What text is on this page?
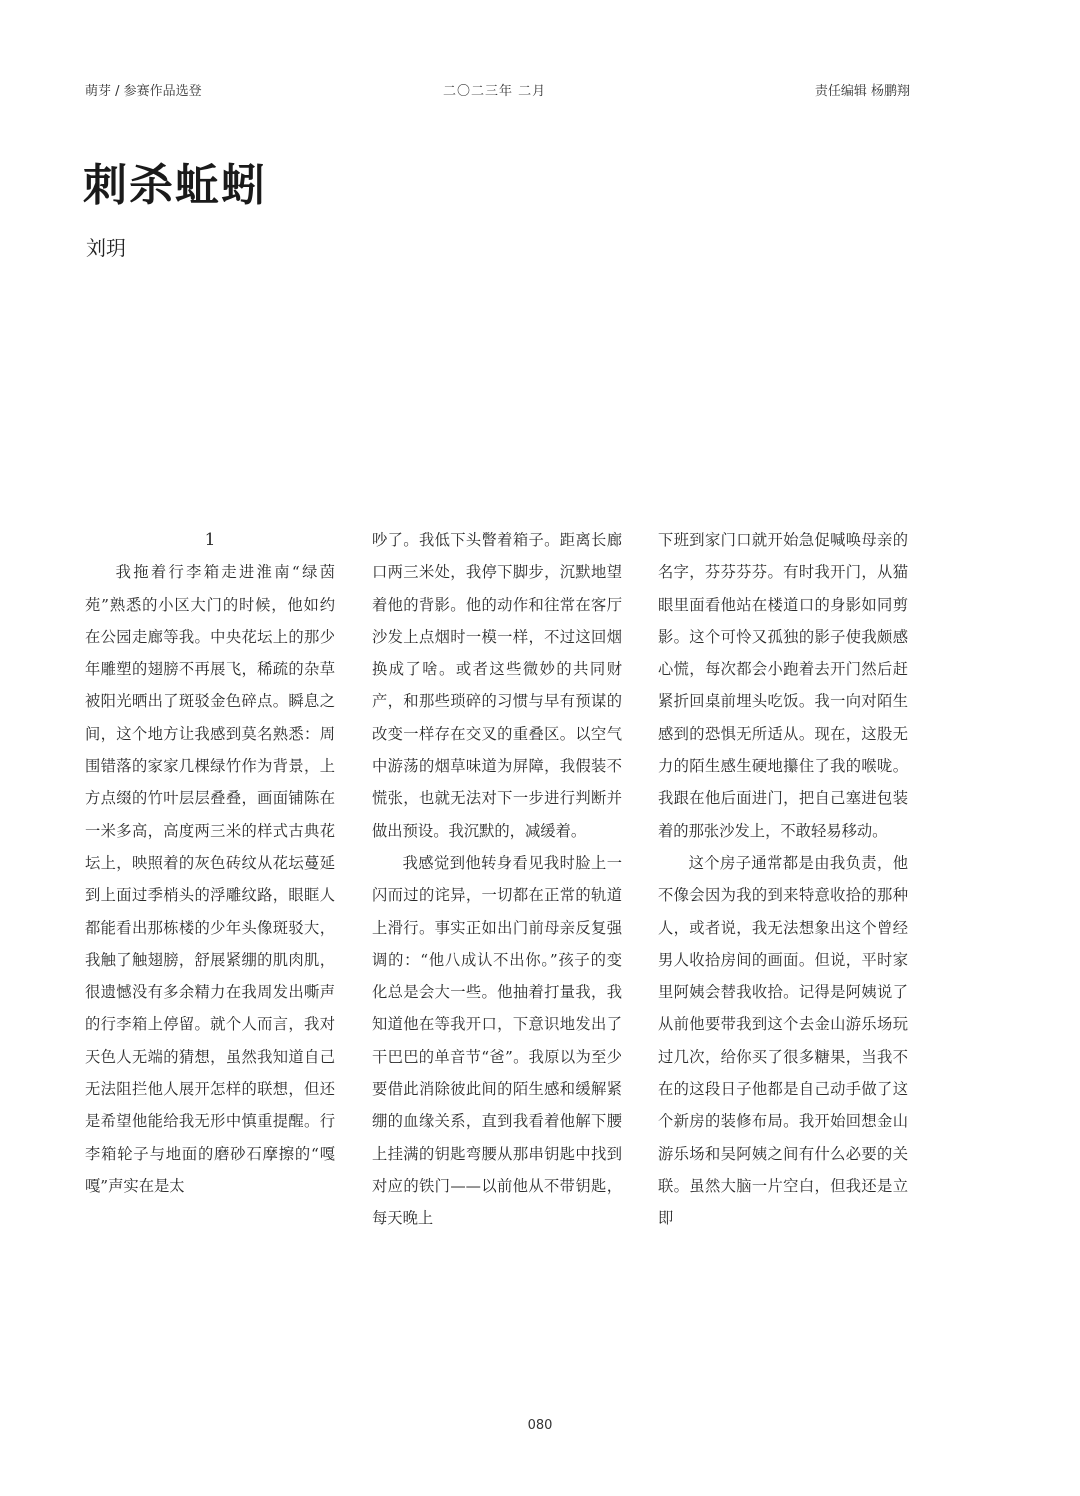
萌芽 / 参赛作品选登	二〇二三年 二月	责任编辑 杨鹏翔
刺杀蚯蚓
刘玥

1

我拖着行李箱走进淮南“绿茵苑”熟悉的小区大门的时候，他如约在公园走廊等我。中央花坛上的那少年雕塑的翅膀不再展飞，稀疏的杂草被阳光晒出了斑驳金色碎点。瞬息之间，这个地方让我感到莫名熟悉：周围错落的家家几棵绿竹作为背景，上方点缀的竹叶层层叠叠，画面铺陈在一米多高，高度两三米的样式古典花坛上，映照着的灰色砖纹从花坛蔓延到上面过季梢头的浮雕纹路，眼眶人都能看出那栋楼的少年头像斑驳大，我触了触翅膀，舒展紧绷的肌肉肌，很遗憾没有多余精力在我周发出嘶声的行李箱上停留。就个人而言，我对天色人无端的猜想，虽然我知道自己无法阻拦他人展开怎样的联想，但还是希望他能给我无形中慎重提醒。行李箱轮子与地面的磨砂石摩擦的“嘎嘎”声实在是太

吵了。我低下头瞥着箱子。距离长廊口两三米处，我停下脚步，沉默地望着他的背影。他的动作和往常在客厅沙发上点烟时一模一样，不过这回烟换成了啥。或者这些微妙的共同财产，和那些琐碎的习惯与早有预谋的改变一样存在交叉的重叠区。以空气中游荡的烟草味道为屏障，我假装不慌张，也就无法对下一步进行判断并做出预设。我沉默的，减缓着。

我感觉到他转身看见我时脸上一闪而过的诧异，一切都在正常的轨道上滑行。事实正如出门前母亲反复强调的：“他八成认不出你。”孩子的变化总是会大一些。他抽着打量我，我知道他在等我开口，下意识地发出了干巴巴的单音节“爸”。我原以为至少要借此消除彼此间的陌生感和缓解紧绷的血缘关系，直到我看着他解下腰上挂满的钥匙弯腰从那串钥匙中找到对应的铁门——以前他从不带钥匙，每天晚上

下班到家门口就开始急促喊唤母亲的名字，芬芬芬芬。有时我开门，从猫眼里面看他站在楼道口的身影如同剪影。这个可怜又孤独的影子使我颇感心慌，每次都会小跑着去开门然后赶紧折回桌前埋头吃饭。我一向对陌生感到的恐惧无所适从。现在，这股无力的陌生感生硬地攥住了我的喉咙。我跟在他后面进门，把自己塞进包装着的那张沙发上，不敢轻易移动。

这个房子通常都是由我负责，他不像会因为我的到来特意收拾的那种人，或者说，我无法想象出这个曾经男人收拾房间的画面。但说，平时家里阿姨会替我收拾。记得是阿姨说了从前他要带我到这个去金山游乐场玩过几次，给你买了很多糖果，当我不在的这段日子他都是自己动手做了这个新房的装修布局。我开始回想金山游乐场和吴阿姨之间有什么必要的关联。虽然大脑一片空白，但我还是立即

080
